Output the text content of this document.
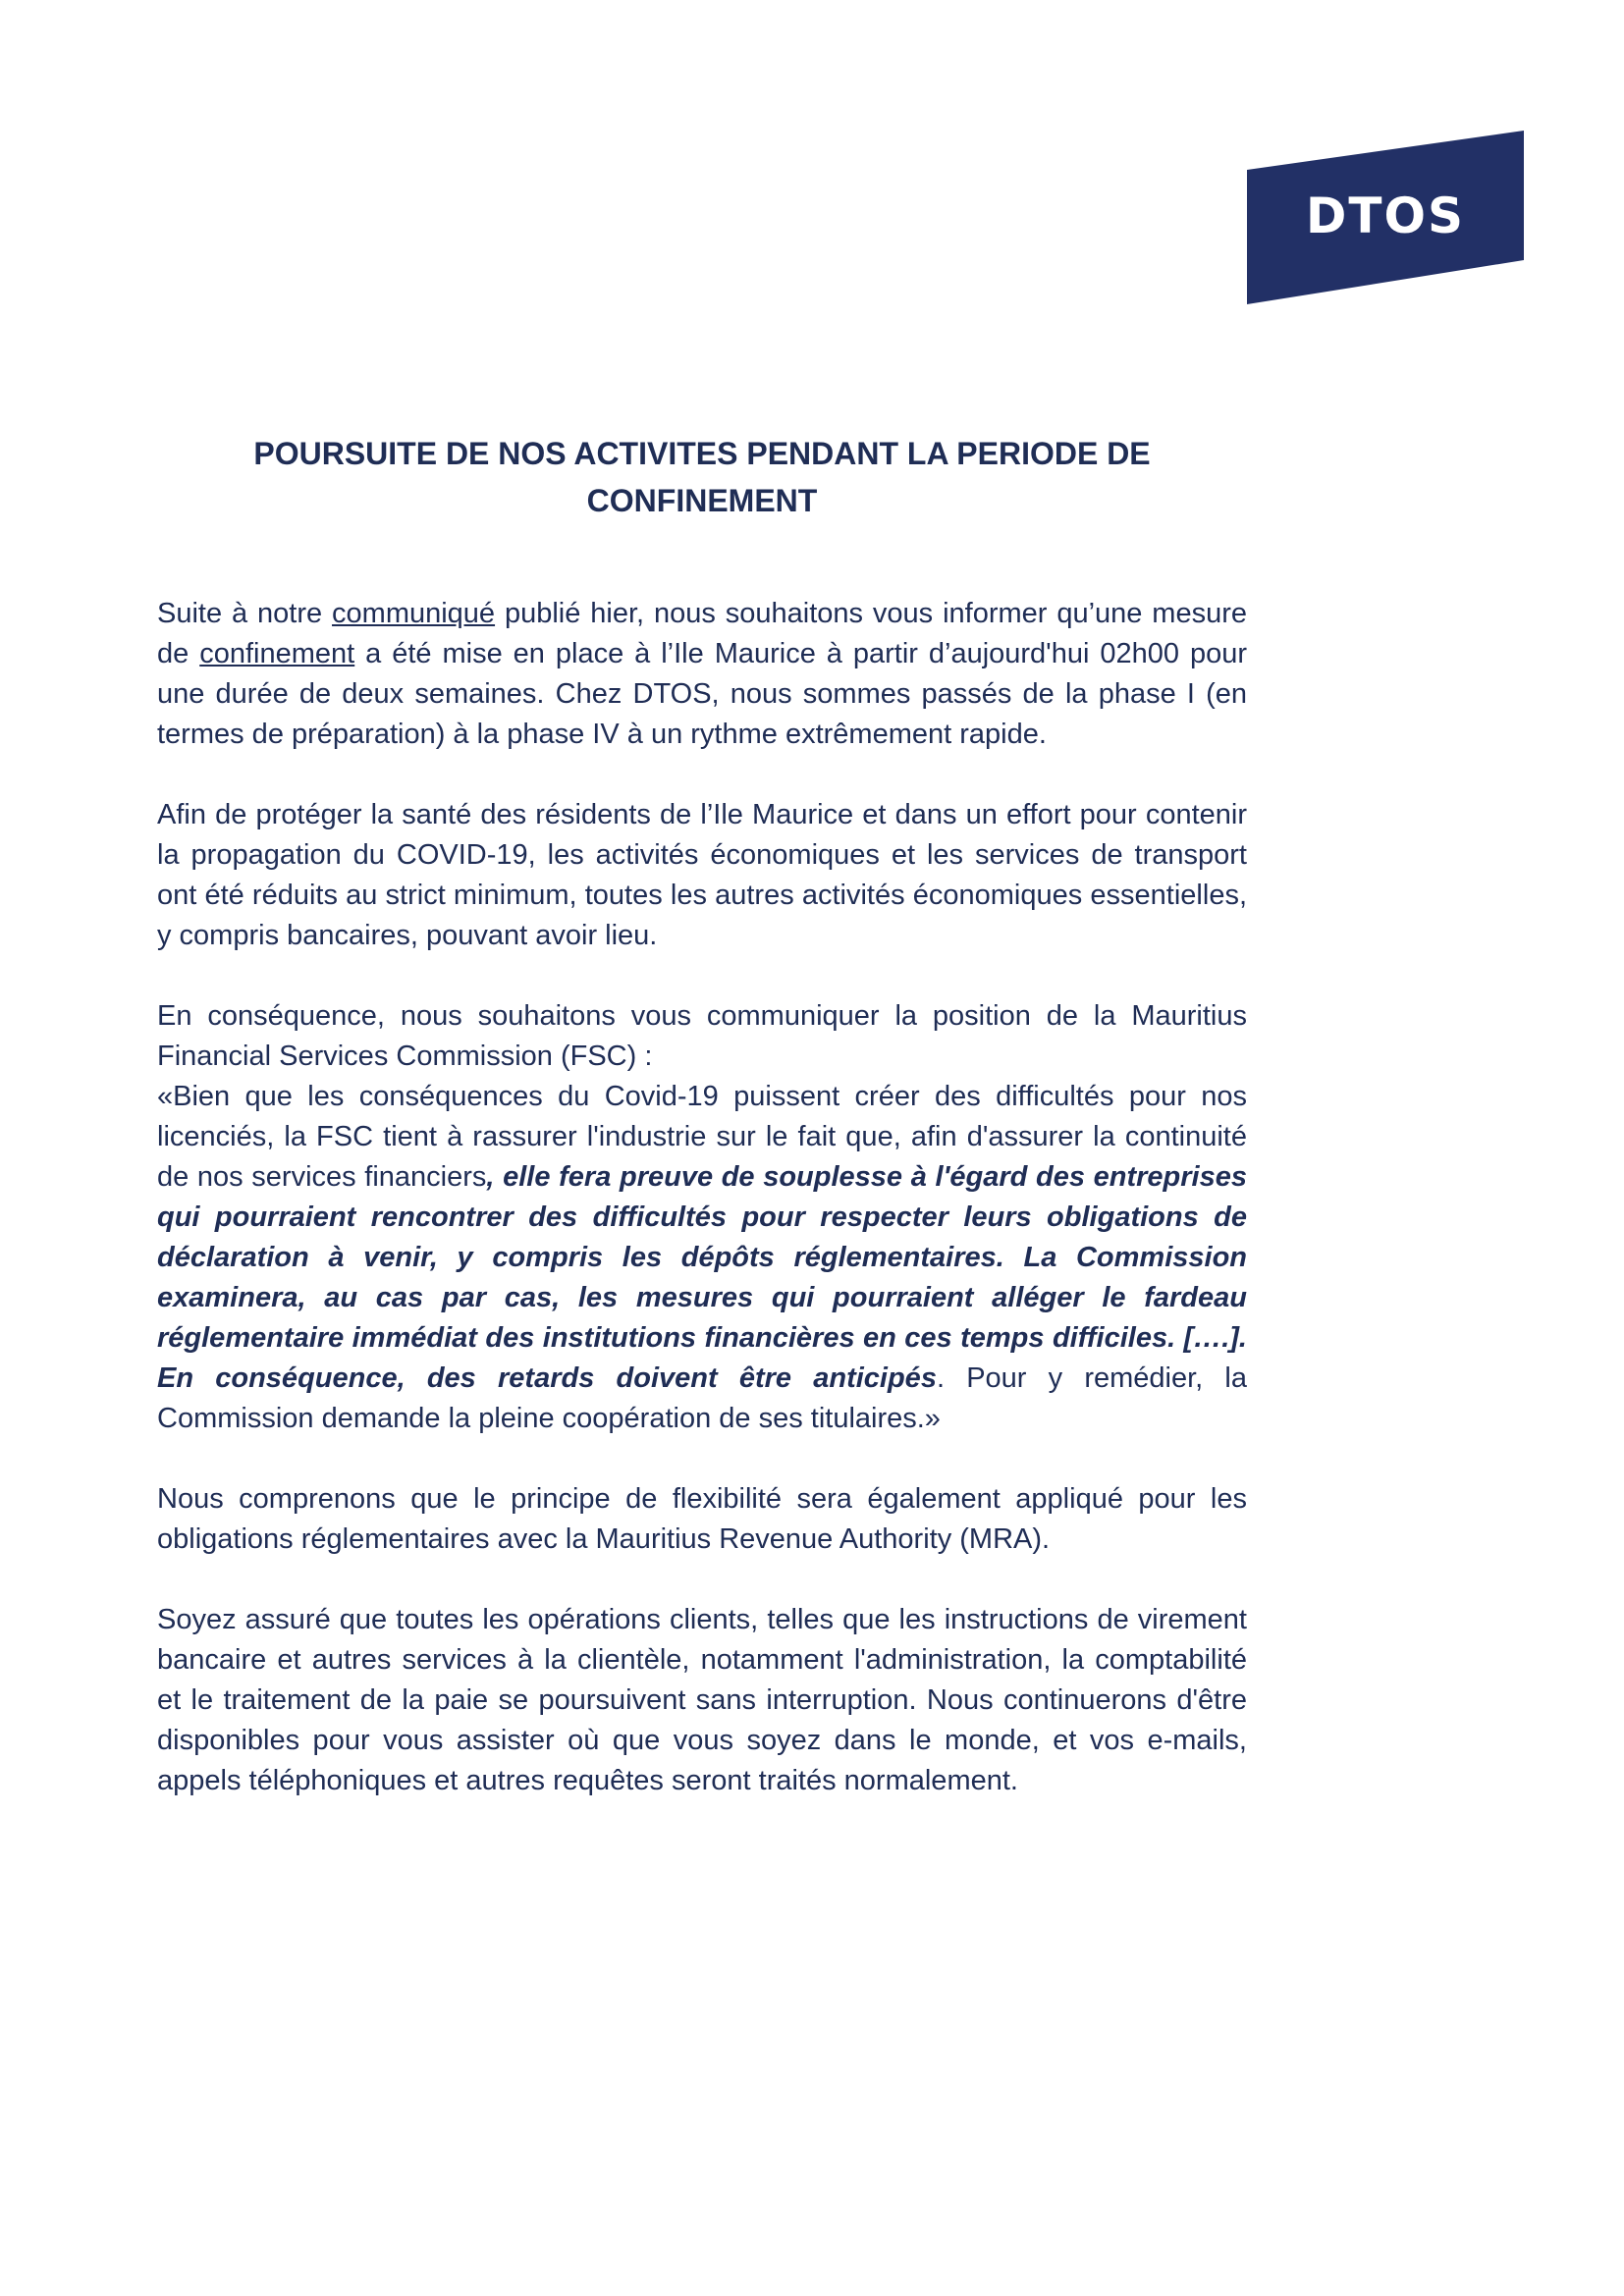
DTOS
POURSUITE DE NOS ACTIVITES PENDANT LA PERIODE DE
CONFINEMENT

Suite à notre communiqué publié hier, nous souhaitons vous informer qu’une mesure de confinement a été mise en place à l’Ile Maurice à partir d’aujourd'hui 02h00 pour une durée de deux semaines. Chez DTOS, nous sommes passés de la phase I (en termes de préparation) à la phase IV à un rythme extrêmement rapide.

Afin de protéger la santé des résidents de l’Ile Maurice et dans un effort pour contenir la propagation du COVID-19, les activités économiques et les services de transport ont été réduits au strict minimum, toutes les autres activités économiques essentielles, y compris bancaires, pouvant avoir lieu.

En conséquence, nous souhaitons vous communiquer la position de la Mauritius Financial Services Commission (FSC) :

«Bien que les conséquences du Covid-19 puissent créer des difficultés pour nos licenciés, la FSC tient à rassurer l'industrie sur le fait que, afin d'assurer la continuité de nos services financiers, elle fera preuve de souplesse à l'égard des entreprises qui pourraient rencontrer des difficultés pour respecter leurs obligations de déclaration à venir, y compris les dépôts réglementaires. La Commission examinera, au cas par cas, les mesures qui pourraient alléger le fardeau réglementaire immédiat des institutions financières en ces temps difficiles. [….]. En conséquence, des retards doivent être anticipés. Pour y remédier, la Commission demande la pleine coopération de ses titulaires.»

Nous comprenons que le principe de flexibilité sera également appliqué pour les obligations réglementaires avec la Mauritius Revenue Authority (MRA).

Soyez assuré que toutes les opérations clients, telles que les instructions de virement bancaire et autres services à la clientèle, notamment l'administration, la comptabilité et le traitement de la paie se poursuivent sans interruption. Nous continuerons d'être disponibles pour vous assister où que vous soyez dans le monde, et vos e-mails, appels téléphoniques et autres requêtes seront traités normalement.
